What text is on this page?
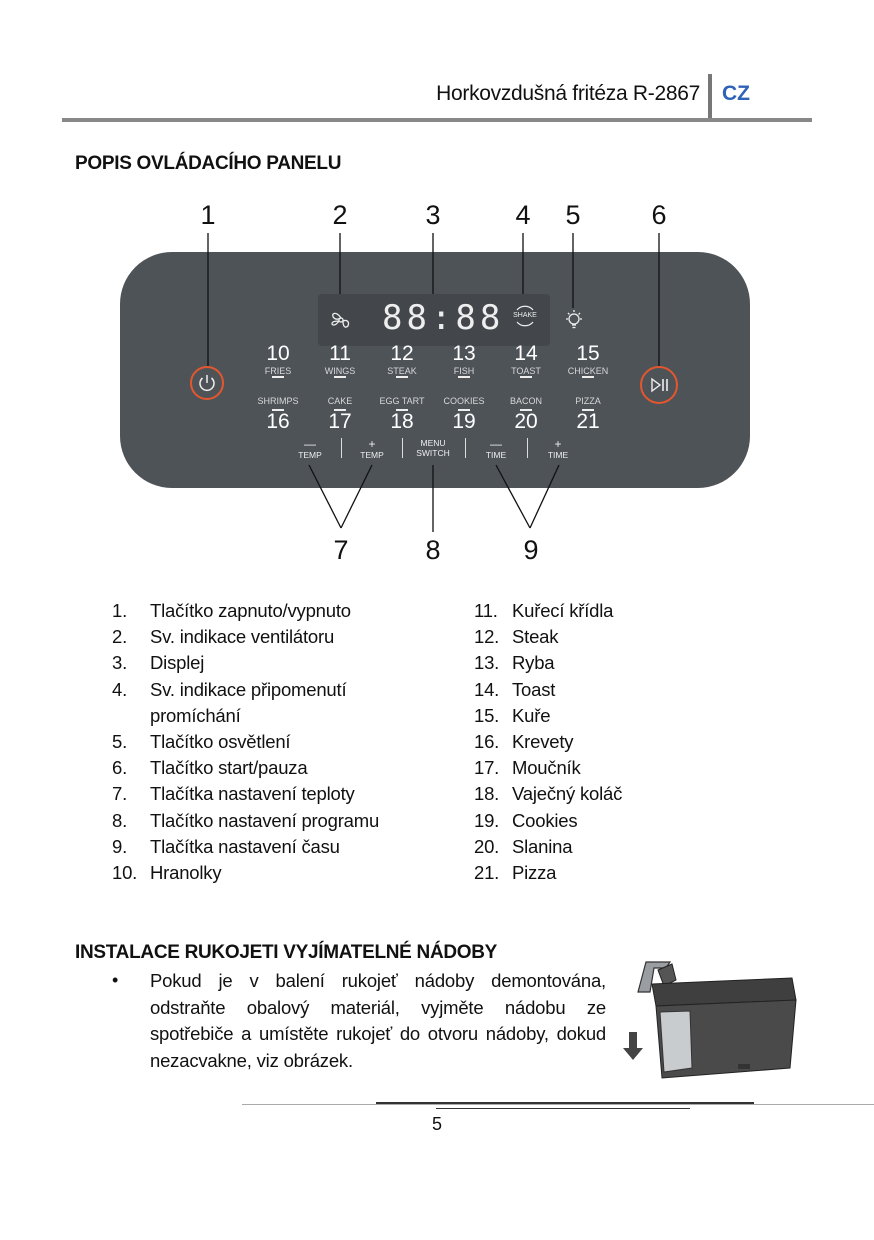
Horkovzdušná fritéza R-2867 CZ
POPIS OVLÁDACÍHO PANELU
1	2	3	4 5	6
88:88	SHAKE
10
FRIES
11
WINGS
12
STEAK
13
FISH
14
TOAST
15
CHICKEN
SHRIMPS
16
CAKE
17
EGG TART
18
COOKIES
19
BACON
20
PIZZA
21
—
TEMP
+
TEMP
MENU
SWITCH
—
TIME
+
TIME
7	8	9
1.	Tlačítko zapnuto/vypnuto
2.	Sv. indikace ventilátoru
3.	Displej
4.	Sv. indikace připomenutí
promíchání
5.	Tlačítko osvětlení
6.	Tlačítko start/pauza
7.	Tlačítka nastavení teploty
8.	Tlačítko nastavení programu
9.	Tlačítka nastavení času
10. Hranolky
11. Kuřecí křídla
12. Steak
13. Ryba
14. Toast
15. Kuře
16. Krevety
17. Moučník
18. Vaječný koláč
19. Cookies
20. Slanina
21. Pizza
INSTALACE RUKOJETI VYJÍMATELNÉ NÁDOBY
• Pokud je v balení rukojeť nádoby demontována, odstraňte obalový materiál, vyjměte nádobu ze spotřebiče a umístěte rukojeť do otvoru nádoby, dokud nezacvakne, viz obrázek.
5
